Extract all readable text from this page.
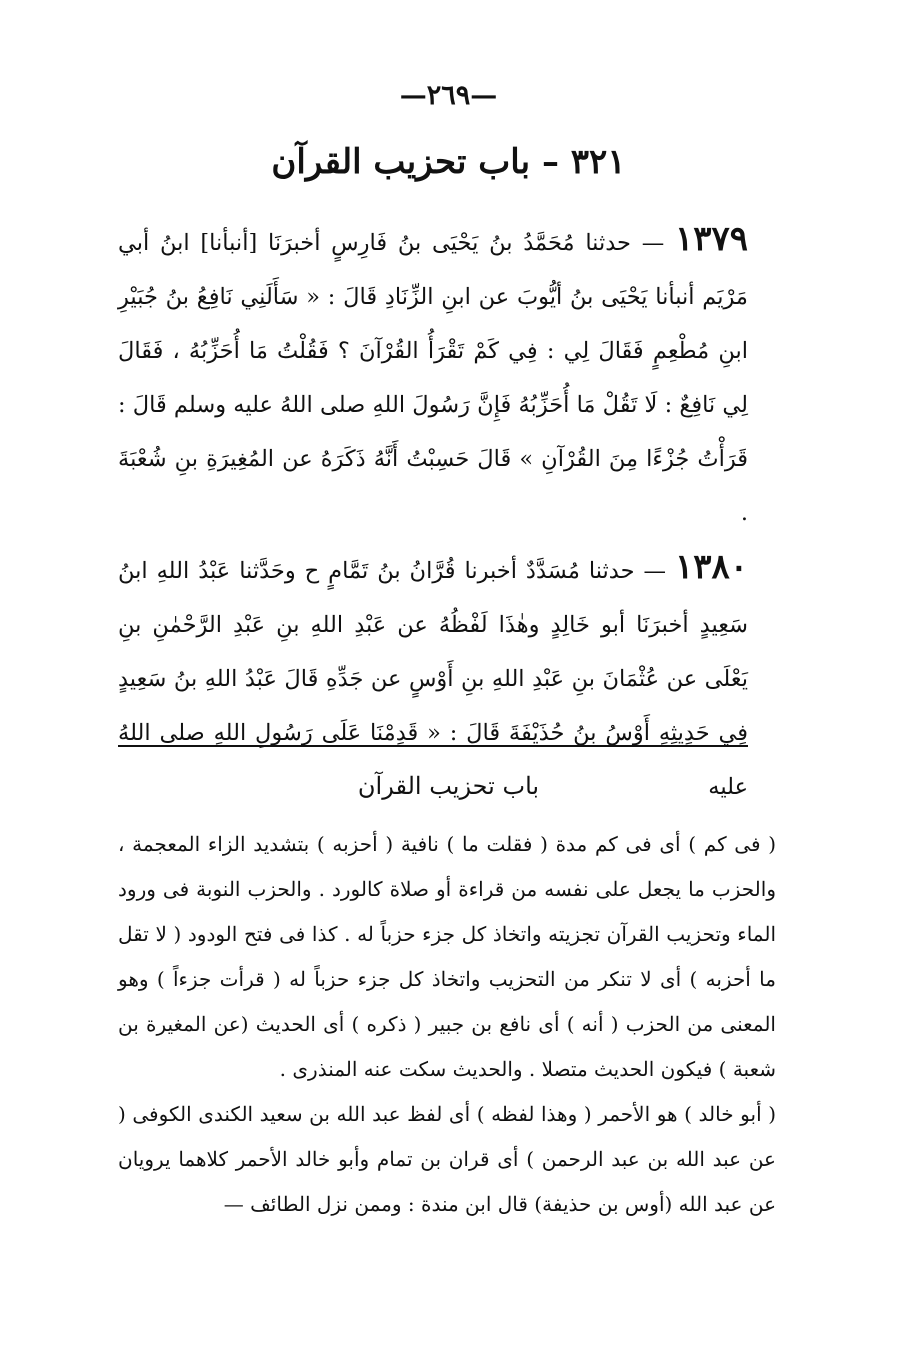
—٢٦٩—
٣٢١ – باب تحزيب القرآن

١٣٧٩ — حدثنا مُحَمَّدُ بنُ يَحْيَى بنُ فَارِسٍ أخبرَنَا [أنبأنا] ابنُ أبي مَرْيَم أنبأنا يَحْيَى بنُ أيُّوبَ عن ابنِ الزِّنَادِ قَالَ : « سَأَلَنِي نَافِعُ بنُ جُبَيْرِ ابنِ مُطْعِمٍ فَقَالَ لِي : فِي كَمْ تَقْرَأُ القُرْآنَ ؟ فَقُلْتُ مَا أُحَزِّبُهُ ، فَقَالَ لِي نَافِعٌ : لَا تَقُلْ مَا أُحَزِّبُهُ فَإِنَّ رَسُولَ اللهِ صلى اللهُ عليه وسلم قَالَ : قَرَأْتُ جُزْءًا مِنَ القُرْآنِ » قَالَ حَسِبْتُ أَنَّهُ ذَكَرَهُ عن المُغِيرَةِ بنِ شُعْبَةَ .

١٣٨٠ — حدثنا مُسَدَّدٌ أخبرنا قُرَّانُ بنُ تَمَّامٍ ح وحَدَّثنا عَبْدُ اللهِ ابنُ سَعِيدٍ أخبرَنَا أبو خَالِدٍ وهٰذَا لَفْظُهُ عن عَبْدِ اللهِ بنِ عَبْدِ الرَّحْمٰنِ بنِ يَعْلَى عن عُثْمَانَ بنِ عَبْدِ اللهِ بنِ أَوْسٍ عن جَدِّهِ قَالَ عَبْدُ اللهِ بنُ سَعِيدٍ فِي حَدِيثِهِ أَوْسُ بنُ حُذَيْفَةَ قَالَ : « قَدِمْنَا عَلَى رَسُولِ اللهِ صلى اللهُ عليه

باب تحزيب القرآن

( فى كم ) أى فى كم مدة ( فقلت ما ) نافية ( أحزبه ) بتشديد الزاء المعجمة ، والحزب ما يجعل على نفسه من قراءة أو صلاة كالورد . والحزب النوبة فى ورود الماء وتحزيب القرآن تجزيته واتخاذ كل جزء حزباً له . كذا فى فتح الودود ( لا تقل ما أحزبه ) أى لا تنكر من التحزيب واتخاذ كل جزء حزباً له ( قرأت جزءاً ) وهو المعنى من الحزب ( أنه ) أى نافع بن جبير ( ذكره ) أى الحديث (عن المغيرة بن شعبة ) فيكون الحديث متصلا . والحديث سكت عنه المنذرى .

( أبو خالد ) هو الأحمر ( وهذا لفظه ) أى لفظ عبد الله بن سعيد الكندى الكوفى ( عن عبد الله بن عبد الرحمن ) أى قران بن تمام وأبو خالد الأحمر كلاهما يرويان عن عبد الله (أوس بن حذيفة) قال ابن مندة : وممن نزل الطائف —
